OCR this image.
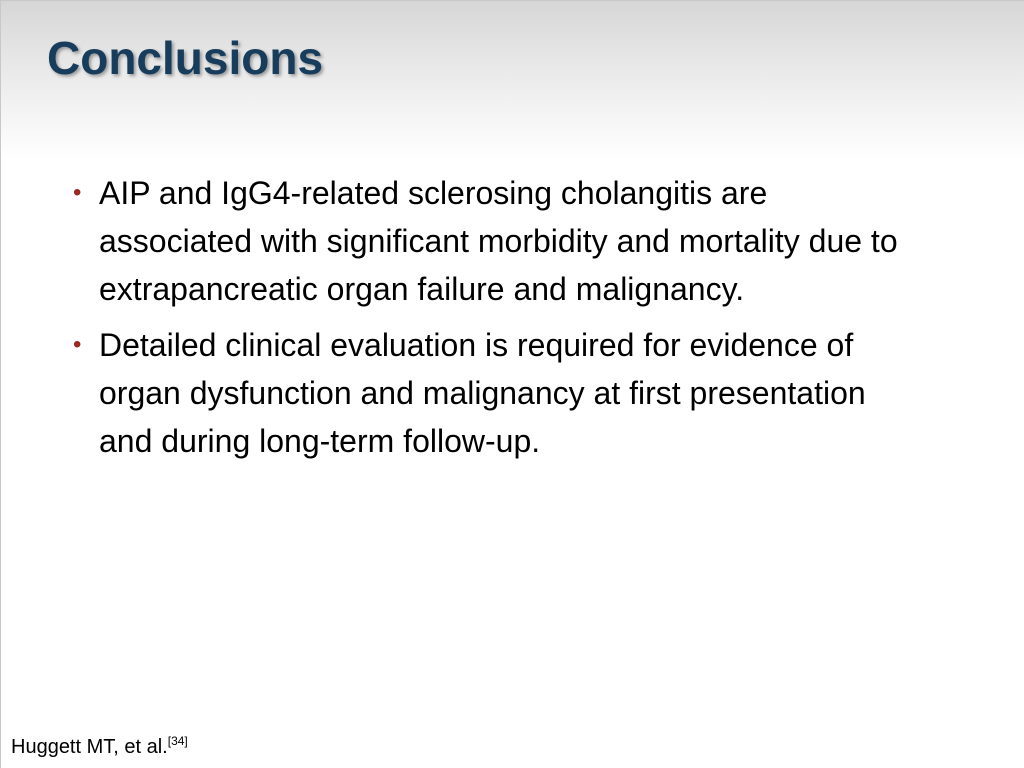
Conclusions
• AIP and IgG4-related sclerosing cholangitis are associated with significant morbidity and mortality due to extrapancreatic organ failure and malignancy.
• Detailed clinical evaluation is required for evidence of organ dysfunction and malignancy at first presentation and during long-term follow-up.
Huggett MT, et al.[34]
